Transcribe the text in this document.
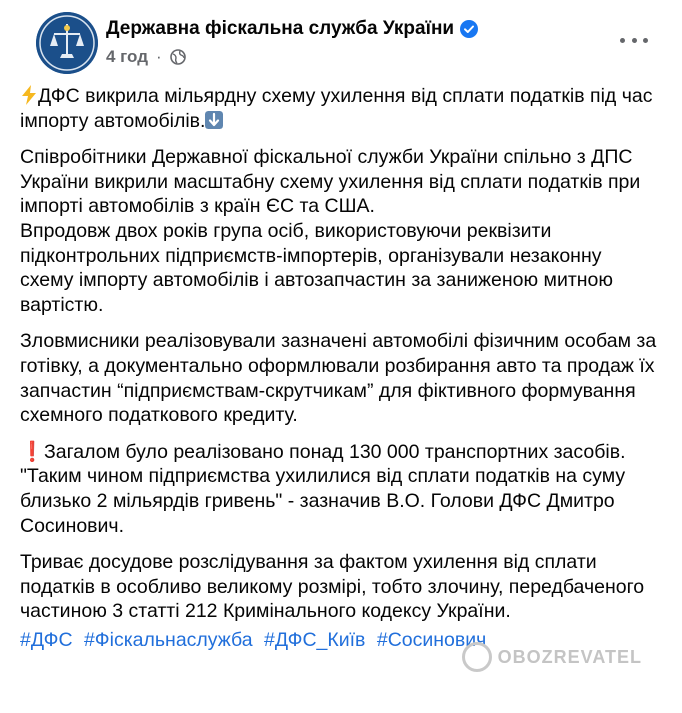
Державна фіскальна служба України
4 год ·

ДФС викрила мільярдну схему ухилення від сплати податків під час імпорту автомобілів.

Співробітники Державної фіскальної служби України спільно з ДПС України викрили масштабну схему ухилення від сплати податків при імпорті автомобілів з країн ЄС та США.
Впродовж двох років група осіб, використовуючи реквізити підконтрольних підприємств-імпортерів, організували незаконну схему імпорту автомобілів і автозапчастин за заниженою митною вартістю.

Зловмисники реалізовували зазначені автомобілі фізичним особам за готівку, а документально оформлювали розбирання авто та продаж їх запчастин “підприємствам-скрутчикам” для фіктивного формування схемного податкового кредиту.

❗Загалом було реалізовано понад 130 000 транспортних засобів. "Таким чином підприємства ухилилися від сплати податків на суму близько 2 мільярдів гривень" - зазначив В.О. Голови ДФС Дмитро Сосинович.

Триває досудове розслідування за фактом ухилення від сплати податків в особливо великому розмірі, тобто злочину, передбаченого частиною 3 статті 212 Кримінального кодексу України.

#ДФС #Фіскальнаслужба #ДФС_Київ #Сосинович
OBOZREVATEL
